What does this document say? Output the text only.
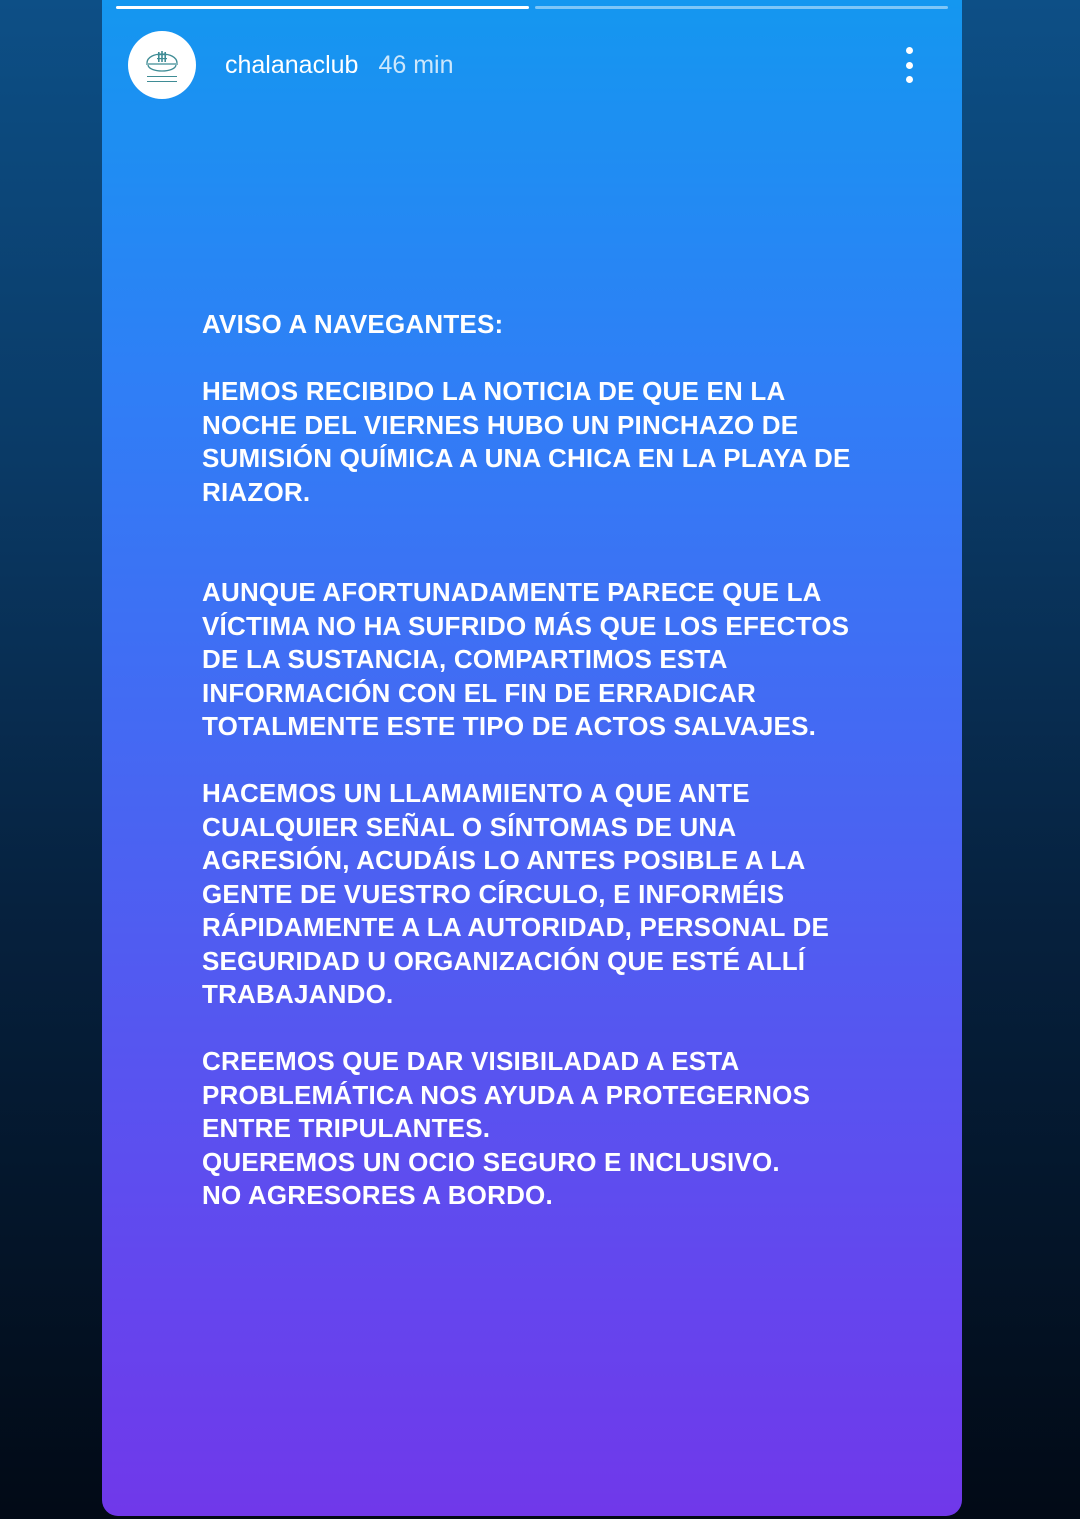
chalanaclub 46 min

AVISO A NAVEGANTES:

HEMOS RECIBIDO LA NOTICIA DE QUE EN LA

NOCHE DEL VIERNES HUBO UN PINCHAZO DE

SUMISIÓN QUÍMICA A UNA CHICA EN LA PLAYA DE

RIAZOR.

AUNQUE AFORTUNADAMENTE PARECE QUE LA

VÍCTIMA NO HA SUFRIDO MÁS QUE LOS EFECTOS

DE LA SUSTANCIA, COMPARTIMOS ESTA

INFORMACIÓN CON EL FIN DE ERRADICAR

TOTALMENTE ESTE TIPO DE ACTOS SALVAJES.

HACEMOS UN LLAMAMIENTO A QUE ANTE

CUALQUIER SEÑAL O SÍNTOMAS DE UNA

AGRESIÓN, ACUDÁIS LO ANTES POSIBLE A LA

GENTE DE VUESTRO CÍRCULO, E INFORMÉIS

RÁPIDAMENTE A LA AUTORIDAD, PERSONAL DE

SEGURIDAD U ORGANIZACIÓN QUE ESTÉ ALLÍ

TRABAJANDO.

CREEMOS QUE DAR VISIBILADAD A ESTA

PROBLEMÁTICA NOS AYUDA A PROTEGERNOS

ENTRE TRIPULANTES.

QUEREMOS UN OCIO SEGURO E INCLUSIVO.

NO AGRESORES A BORDO.
